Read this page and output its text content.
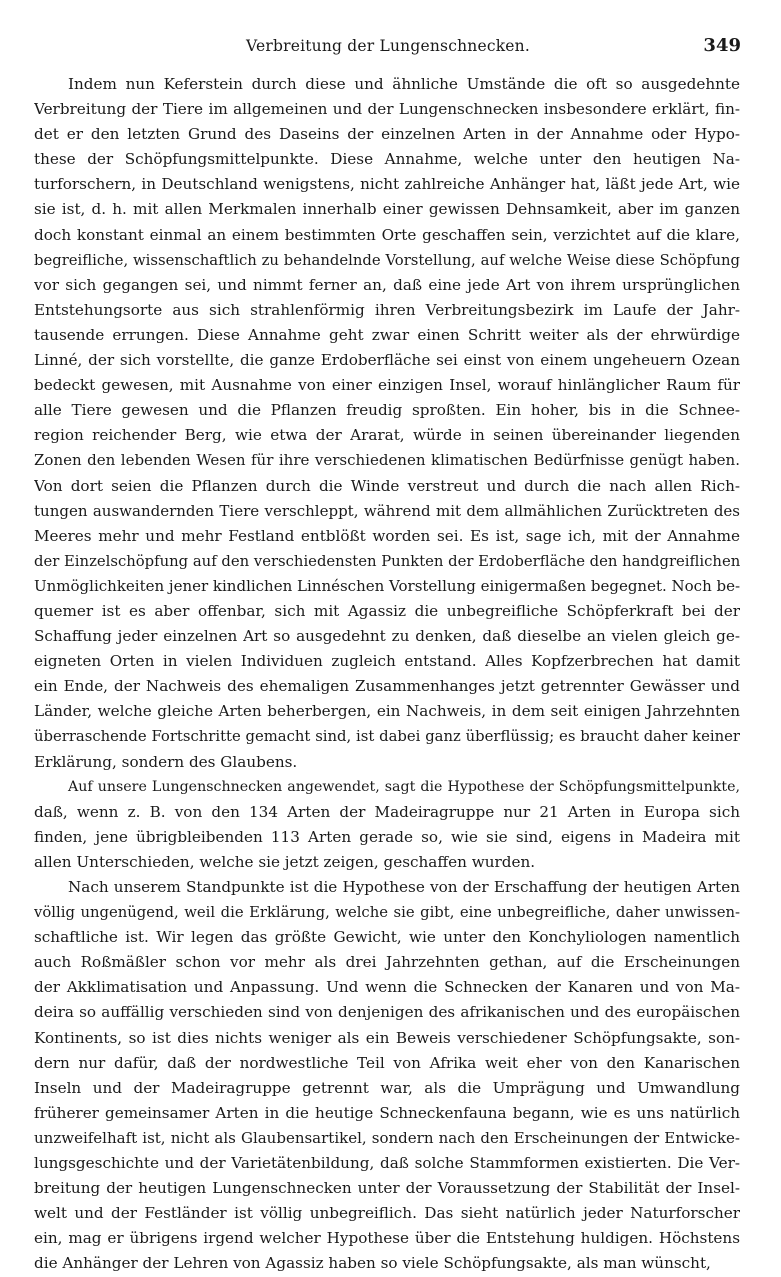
Verbreitung der Lungenschnecken.	349
Indem nun Keferstein durch diese und ähnliche Umstände die oft so ausgedehnte
Verbreitung der Tiere im allgemeinen und der Lungenschnecken insbesondere erklärt, fin-
det er den letzten Grund des Daseins der einzelnen Arten in der Annahme oder Hypo-
these der Schöpfungsmittelpunkte. Diese Annahme, welche unter den heutigen Na-
turforschern, in Deutschland wenigstens, nicht zahlreiche Anhänger hat, läßt jede Art, wie
sie ist, d. h. mit allen Merkmalen innerhalb einer gewissen Dehnsamkeit, aber im ganzen
doch konstant einmal an einem bestimmten Orte geschaffen sein, verzichtet auf die klare,
begreifliche, wissenschaftlich zu behandelnde Vorstellung, auf welche Weise diese Schöpfung
vor sich gegangen sei, und nimmt ferner an, daß eine jede Art von ihrem ursprünglichen
Entstehungsorte aus sich strahlenförmig ihren Verbreitungsbezirk im Laufe der Jahr-
tausende errungen. Diese Annahme geht zwar einen Schritt weiter als der ehrwürdige
Linné, der sich vorstellte, die ganze Erdoberfläche sei einst von einem ungeheuern Ozean
bedeckt gewesen, mit Ausnahme von einer einzigen Insel, worauf hinlänglicher Raum für
alle Tiere gewesen und die Pflanzen freudig sproßten. Ein hoher, bis in die Schnee-
region reichender Berg, wie etwa der Ararat, würde in seinen übereinander liegenden
Zonen den lebenden Wesen für ihre verschiedenen klimatischen Bedürfnisse genügt haben.
Von dort seien die Pflanzen durch die Winde verstreut und durch die nach allen Rich-
tungen auswandernden Tiere verschleppt, während mit dem allmählichen Zurücktreten des
Meeres mehr und mehr Festland entblößt worden sei. Es ist, sage ich, mit der Annahme
der Einzelschöpfung auf den verschiedensten Punkten der Erdoberfläche den handgreiflichen
Unmöglichkeiten jener kindlichen Linnéschen Vorstellung einigermaßen begegnet. Noch be-
quemer ist es aber offenbar, sich mit Agassiz die unbegreifliche Schöpferkraft bei der
Schaffung jeder einzelnen Art so ausgedehnt zu denken, daß dieselbe an vielen gleich ge-
eigneten Orten in vielen Individuen zugleich entstand. Alles Kopfzerbrechen hat damit
ein Ende, der Nachweis des ehemaligen Zusammenhanges jetzt getrennter Gewässer und
Länder, welche gleiche Arten beherbergen, ein Nachweis, in dem seit einigen Jahrzehnten
überraschende Fortschritte gemacht sind, ist dabei ganz überflüssig; es braucht daher keiner
Erklärung, sondern des Glaubens.
Auf unsere Lungenschnecken angewendet, sagt die Hypothese der Schöpfungsmittelpunkte,
daß, wenn z. B. von den 134 Arten der Madeiragruppe nur 21 Arten in Europa sich
finden, jene übrigbleibenden 113 Arten gerade so, wie sie sind, eigens in Madeira mit
allen Unterschieden, welche sie jetzt zeigen, geschaffen wurden.
Nach unserem Standpunkte ist die Hypothese von der Erschaffung der heutigen Arten
völlig ungenügend, weil die Erklärung, welche sie gibt, eine unbegreifliche, daher unwissen-
schaftliche ist. Wir legen das größte Gewicht, wie unter den Konchyliologen namentlich
auch Roßmäßler schon vor mehr als drei Jahrzehnten gethan, auf die Erscheinungen
der Akklimatisation und Anpassung. Und wenn die Schnecken der Kanaren und von Ma-
deira so auffällig verschieden sind von denjenigen des afrikanischen und des europäischen
Kontinents, so ist dies nichts weniger als ein Beweis verschiedener Schöpfungsakte, son-
dern nur dafür, daß der nordwestliche Teil von Afrika weit eher von den Kanarischen
Inseln und der Madeiragruppe getrennt war, als die Umprägung und Umwandlung
früherer gemeinsamer Arten in die heutige Schneckenfauna begann, wie es uns natürlich
unzweifelhaft ist, nicht als Glaubensartikel, sondern nach den Erscheinungen der Entwicke-
lungsgeschichte und der Varietätenbildung, daß solche Stammformen existierten. Die Ver-
breitung der heutigen Lungenschnecken unter der Voraussetzung der Stabilität der Insel-
welt und der Festländer ist völlig unbegreiflich. Das sieht natürlich jeder Naturforscher
ein, mag er übrigens irgend welcher Hypothese über die Entstehung huldigen. Höchstens
die Anhänger der Lehren von Agassiz haben so viele Schöpfungsakte, als man wünscht,
